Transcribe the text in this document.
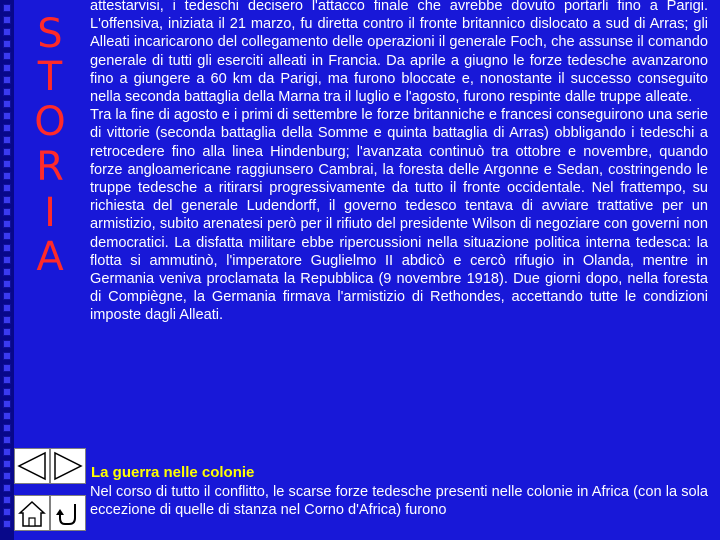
S
T
O
R
I
A

attestarvisi, i tedeschi decisero l'attacco finale che avrebbe dovuto portarli fino a Parigi. L'offensiva, iniziata il 21 marzo, fu diretta contro il fronte britannico dislocato a sud di Arras; gli Alleati incaricarono del collegamento delle operazioni il generale Foch, che assunse il comando generale di tutti gli eserciti alleati in Francia. Da aprile a giugno le forze tedesche avanzarono fino a giungere a 60 km da Parigi, ma furono bloccate e, nonostante il successo conseguito nella seconda battaglia della Marna tra il luglio e l'agosto, furono respinte dalle truppe alleate.

Tra la fine di agosto e i primi di settembre le forze britanniche e francesi conseguirono una serie di vittorie (seconda battaglia della Somme e quinta battaglia di Arras) obbligando i tedeschi a retrocedere fino alla linea Hindenburg; l'avanzata continuò tra ottobre e novembre, quando forze angloamericane raggiunsero Cambrai, la foresta delle Argonne e Sedan, costringendo le truppe tedesche a ritirarsi progressivamente da tutto il fronte occidentale. Nel frattempo, su richiesta del generale Ludendorff, il governo tedesco tentava di avviare trattative per un armistizio, subito arenatesi però per il rifiuto del presidente Wilson di negoziare con governi non democratici. La disfatta militare ebbe ripercussioni nella situazione politica interna tedesca: la flotta si ammutinò, l'imperatore Guglielmo II abdicò e cercò rifugio in Olanda, mentre in Germania veniva proclamata la Repubblica (9 novembre 1918). Due giorni dopo, nella foresta di Compiègne, la Germania firmava l'armistizio di Rethondes, accettando tutte le condizioni imposte dagli Alleati.

La guerra nelle colonie

Nel corso di tutto il conflitto, le scarse forze tedesche presenti nelle colonie in Africa (con la sola eccezione di quelle di stanza nel Corno d'Africa) furono
